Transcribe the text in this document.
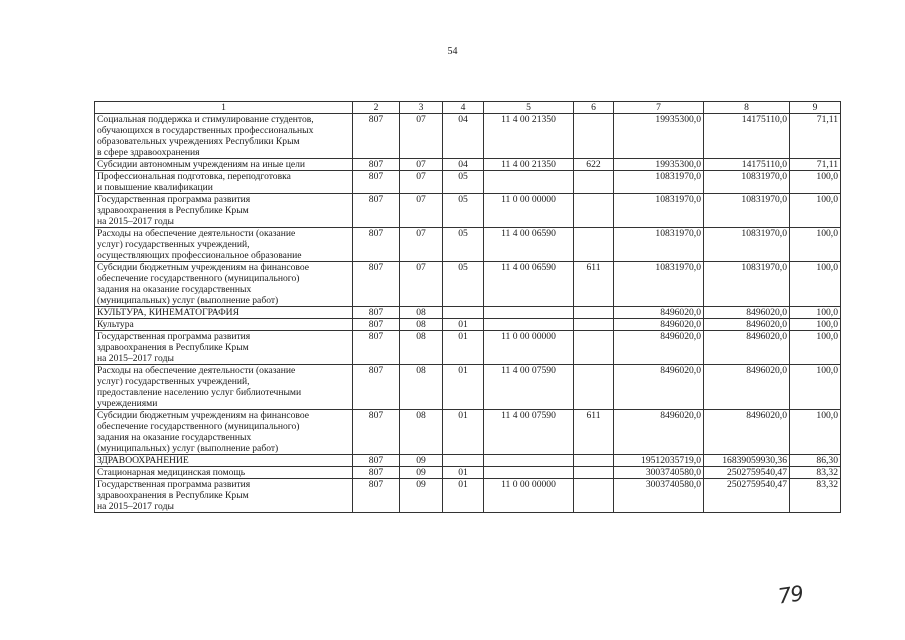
54
1	2	3	4	5	6	7	8	9
Социальная поддержка и стимулирование студентов,
обучающихся в государственных профессиональных
образовательных учреждениях Республики Крым
в сфере здравоохранения	807	07	04	11 4 00 21350		19935300,0	14175110,0	71,11
Субсидии автономным учреждениям на иные цели	807	07	04	11 4 00 21350	622	19935300,0	14175110,0	71,11
Профессиональная подготовка, переподготовка
и повышение квалификации	807	07	05			10831970,0	10831970,0	100,0
Государственная программа развития
здравоохранения в Республике Крым
на 2015–2017 годы	807	07	05	11 0 00 00000		10831970,0	10831970,0	100,0
Расходы на обеспечение деятельности (оказание
услуг) государственных учреждений,
осуществляющих профессиональное образование	807	07	05	11 4 00 06590		10831970,0	10831970,0	100,0
Субсидии бюджетным учреждениям на финансовое
обеспечение государственного (муниципального)
задания на оказание государственных
(муниципальных) услуг (выполнение работ)	807	07	05	11 4 00 06590	611	10831970,0	10831970,0	100,0
КУЛЬТУРА, КИНЕМАТОГРАФИЯ	807	08				8496020,0	8496020,0	100,0
Культура	807	08	01			8496020,0	8496020,0	100,0
Государственная программа развития
здравоохранения в Республике Крым
на 2015–2017 годы	807	08	01	11 0 00 00000		8496020,0	8496020,0	100,0
Расходы на обеспечение деятельности (оказание
услуг) государственных учреждений,
предоставление населению услуг библиотечными
учреждениями	807	08	01	11 4 00 07590		8496020,0	8496020,0	100,0
Субсидии бюджетным учреждениям на финансовое
обеспечение государственного (муниципального)
задания на оказание государственных
(муниципальных) услуг (выполнение работ)	807	08	01	11 4 00 07590	611	8496020,0	8496020,0	100,0
ЗДРАВООХРАНЕНИЕ	807	09				19512035719,0	16839059930,36	86,30
Стационарная медицинская помощь	807	09	01			3003740580,0	2502759540,47	83,32
Государственная программа развития
здравоохранения в Республике Крым
на 2015–2017 годы	807	09	01	11 0 00 00000		3003740580,0	2502759540,47	83,32
79
